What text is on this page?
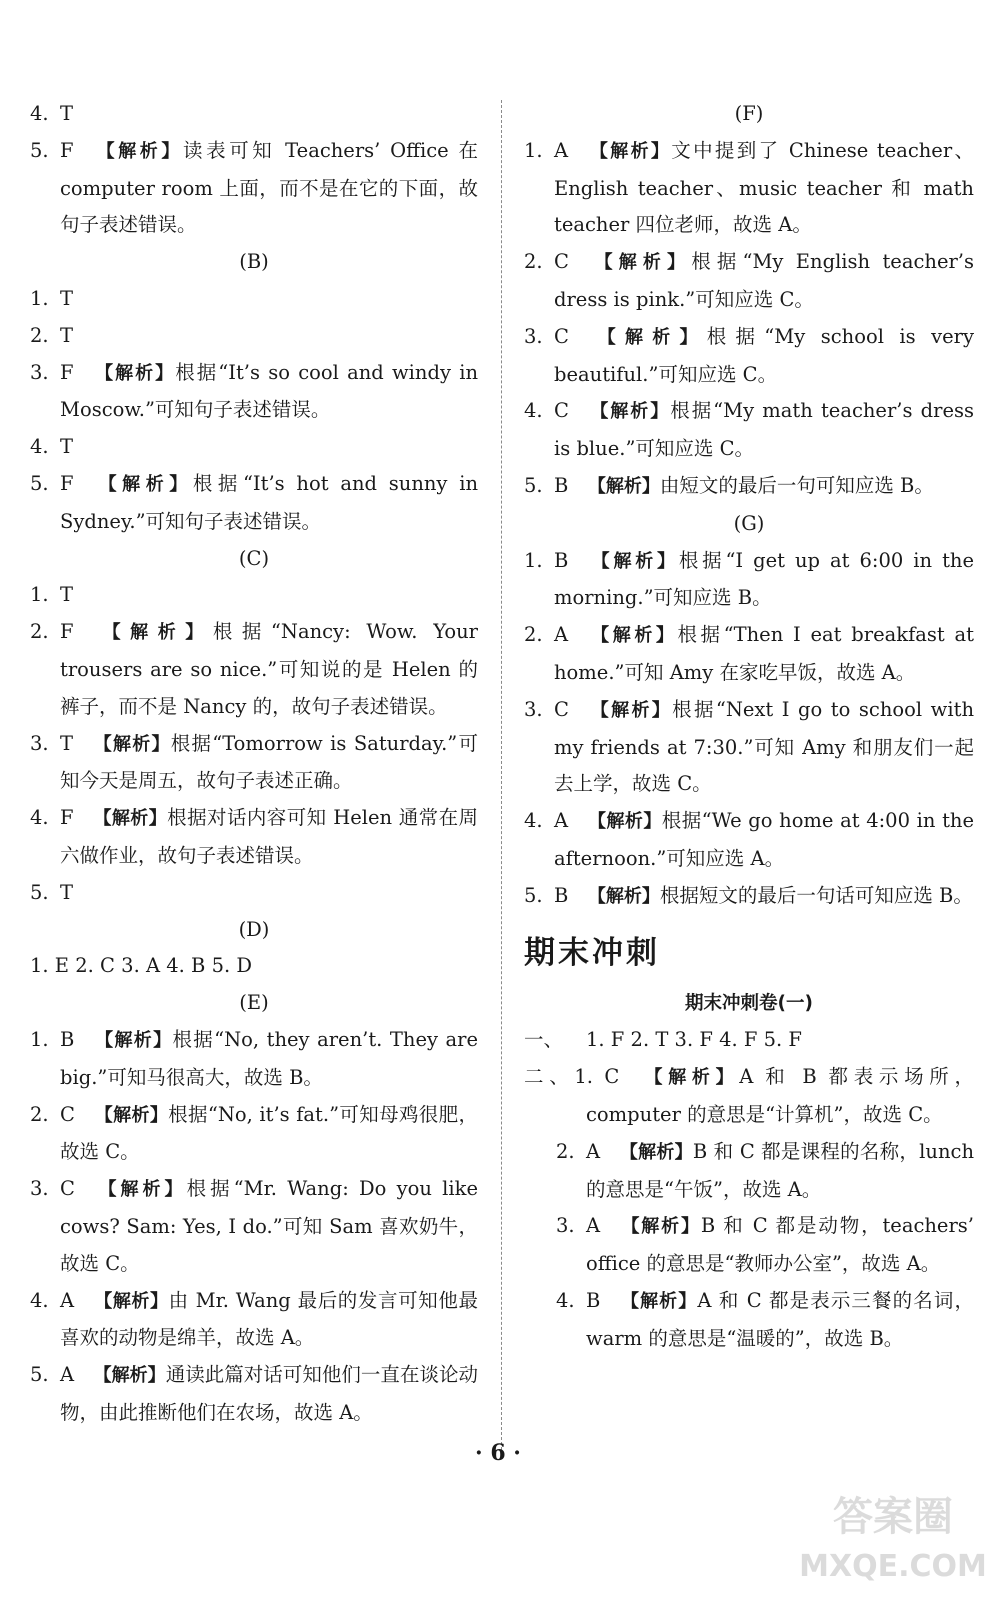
4. T
5. F  【解析】读表可知 Teachers’ Office 在 computer room 上面，而不是在它的下面，故句子表述错误。
(B)
1. T
2. T
3. F  【解析】根据“It’s so cool and windy in Moscow.”可知句子表述错误。
4. T
5. F  【解析】根据“It’s hot and sunny in Sydney.”可知句子表述错误。
(C)
1. T
2. F  【解析】根据“Nancy: Wow. Your trousers are so nice.”可知说的是 Helen 的裤子，而不是 Nancy 的，故句子表述错误。
3. T  【解析】根据“Tomorrow is Saturday.”可知今天是周五，故句子表述正确。
4. F  【解析】根据对话内容可知 Helen 通常在周六做作业，故句子表述错误。
5. T
(D)
1. E 2. C 3. A 4. B 5. D
(E)
1. B  【解析】根据“No, they aren’t. They are big.”可知马很高大，故选 B。
2. C  【解析】根据“No, it’s fat.”可知母鸡很肥，故选 C。
3. C  【解析】根据“Mr. Wang: Do you like cows? Sam: Yes, I do.”可知 Sam 喜欢奶牛，故选 C。
4. A  【解析】由 Mr. Wang 最后的发言可知他最喜欢的动物是绵羊，故选 A。
5. A  【解析】通读此篇对话可知他们一直在谈论动物，由此推断他们在农场，故选 A。
(F)
1. A  【解析】文中提到了 Chinese teacher、English teacher、music teacher 和 math teacher 四位老师，故选 A。
2. C  【解析】根据“My English teacher’s dress is pink.”可知应选 C。
3. C  【解析】根据“My school is very beautiful.”可知应选 C。
4. C  【解析】根据“My math teacher’s dress is blue.”可知应选 C。
5. B  【解析】由短文的最后一句可知应选 B。
(G)
1. B  【解析】根据“I get up at 6:00 in the morning.”可知应选 B。
2. A  【解析】根据“Then I eat breakfast at home.”可知 Amy 在家吃早饭，故选 A。
3. C  【解析】根据“Next I go to school with my friends at 7:30.”可知 Amy 和朋友们一起去上学，故选 C。
4. A  【解析】根据“We go home at 4:00 in the afternoon.”可知应选 A。
5. B  【解析】根据短文的最后一句话可知应选 B。
期末冲刺
期末冲刺卷(一)
一、 1. F 2. T 3. F 4. F 5. F
二、1. C  【解析】A 和 B 都表示场所，computer 的意思是“计算机”，故选 C。
2. A  【解析】B 和 C 都是课程的名称，lunch 的意思是“午饭”，故选 A。
3. A  【解析】B 和 C 都是动物，teachers’ office 的意思是“教师办公室”，故选 A。
4. B  【解析】A 和 C 都是表示三餐的名词，warm 的意思是“温暖的”，故选 B。
· 6 ·
答案圈
MXQE.COM
